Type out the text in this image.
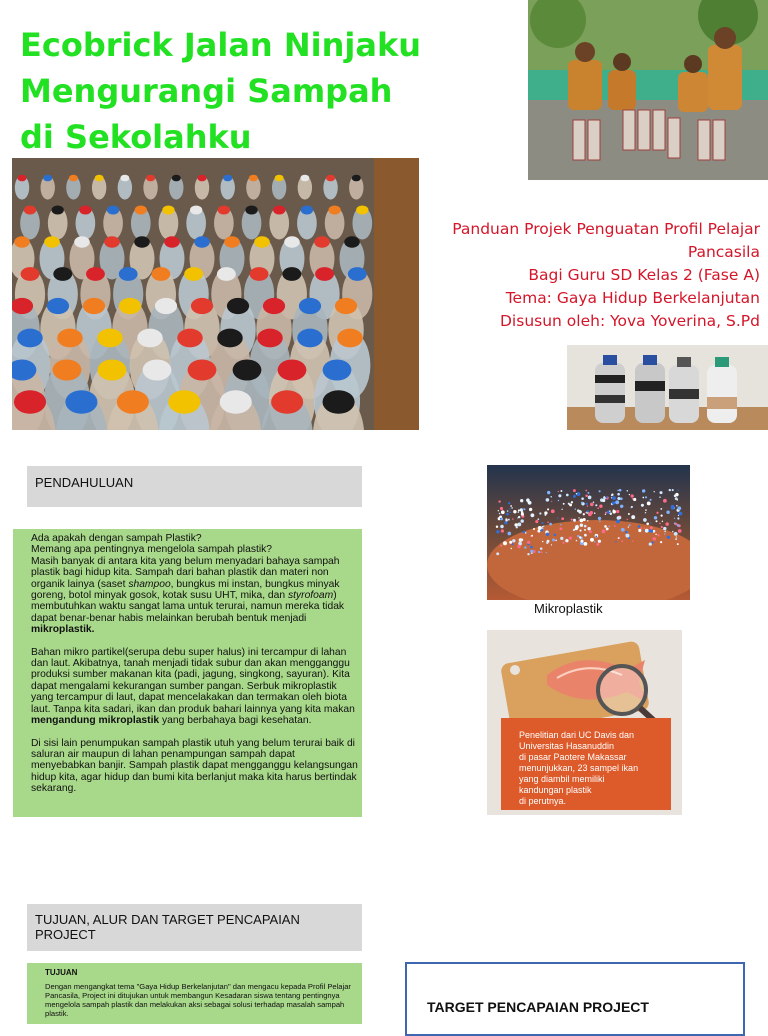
Ecobrick Jalan Ninjaku
Mengurangi Sampah
di Sekolahku
Panduan Projek Penguatan Profil Pelajar
Pancasila
Bagi Guru SD Kelas 2 (Fase A)
Tema: Gaya Hidup Berkelanjutan
Disusun oleh: Yova Yoverina, S.Pd
PENDAHULUAN

Ada apakah dengan sampah Plastik?
Memang apa pentingnya mengelola sampah plastik?
Masih banyak di antara kita yang belum menyadari bahaya sampah plastik bagi hidup kita. Sampah dari bahan plastik dan materi non organik lainya (saset shampoo, bungkus mi instan, bungkus minyak goreng, botol minyak gosok, kotak susu UHT, mika, dan styrofoam) membutuhkan waktu sangat lama untuk terurai, namun mereka tidak dapat benar-benar habis melainkan berubah bentuk menjadi mikroplastik.

Bahan mikro partikel(serupa debu super halus) ini tercampur di lahan dan laut. Akibatnya, tanah menjadi tidak subur dan akan mengganggu produksi sumber makanan kita (padi, jagung, singkong, sayuran). Kita dapat mengalami kekurangan sumber pangan. Serbuk mikroplastik yang tercampur di laut, dapat mencelakakan dan termakan oleh biota laut. Tanpa kita sadari, ikan dan produk bahari lainnya yang kita makan mengandung mikroplastik yang berbahaya bagi kesehatan.

Di sisi lain penumpukan sampah plastik utuh yang belum terurai baik di saluran air maupun di lahan penampungan sampah dapat menyebabkan banjir. Sampah plastik dapat mengganggu kelangsungan hidup kita, agar hidup dan bumi kita berlanjut maka kita harus bertindak sekarang.

Mikroplastik
Penelitian dari UC Davis dan
Universitas Hasanuddin
di pasar Paotere Makassar
menunjukkan, 23 sampel ikan
yang diambil memiliki
kandungan plastik
di perutnya.
TUJUAN, ALUR DAN TARGET PENCAPAIAN PROJECT
TUJUAN
Dengan mengangkat tema "Gaya Hidup Berkelanjutan" dan mengacu kepada Profil Pelajar Pancasila, Project ini ditujukan untuk membangun Kesadaran siswa tentang pentingnya mengelola sampah plastik dan melakukan aksi sebagai solusi terhadap masalah sampah plastik.	TARGET PENCAPAIAN PROJECT
